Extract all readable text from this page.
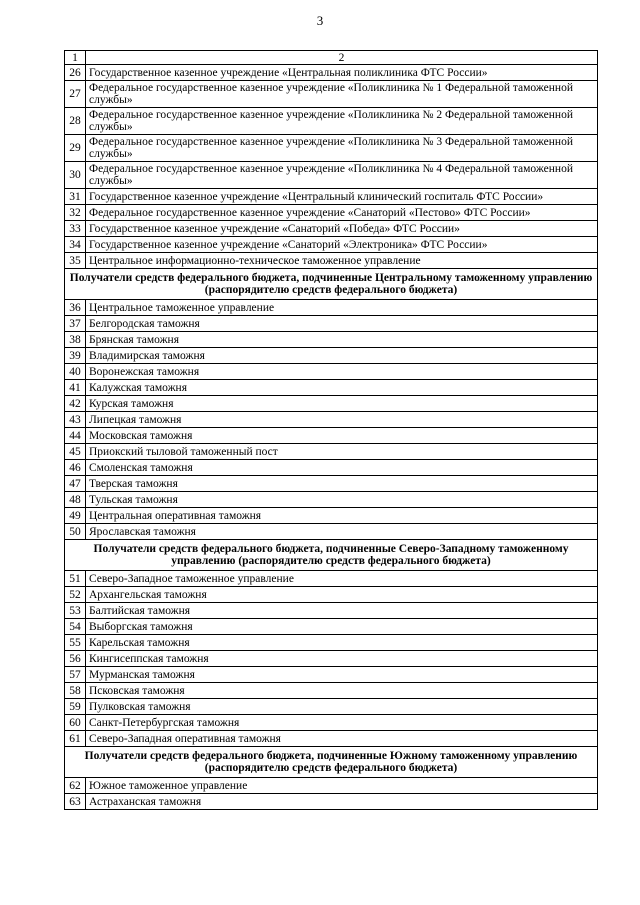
3
1	2
26	Государственное казенное учреждение «Центральная поликлиника ФТС России»
27	Федеральное государственное казенное учреждение «Поликлиника № 1 Федеральной таможенной службы»
28	Федеральное государственное казенное учреждение «Поликлиника № 2 Федеральной таможенной службы»
29	Федеральное государственное казенное учреждение «Поликлиника № 3 Федеральной таможенной службы»
30	Федеральное государственное казенное учреждение «Поликлиника № 4 Федеральной таможенной службы»
31	Государственное казенное учреждение «Центральный клинический госпиталь ФТС России»
32	Федеральное государственное казенное учреждение «Санаторий «Пестово» ФТС России»
33	Государственное казенное учреждение «Санаторий «Победа» ФТС России»
34	Государственное казенное учреждение «Санаторий «Электроника» ФТС России»
35	Центральное информационно-техническое таможенное управление
Получатели средств федерального бюджета, подчиненные Центральному таможенному управлению (распорядителю средств федерального бюджета)	
36	Центральное таможенное управление
37	Белгородская таможня
38	Брянская таможня
39	Владимирская таможня
40	Воронежская таможня
41	Калужская таможня
42	Курская таможня
43	Липецкая таможня
44	Московская таможня
45	Приокский тыловой таможенный пост
46	Смоленская таможня
47	Тверская таможня
48	Тульская таможня
49	Центральная оперативная таможня
50	Ярославская таможня
Получатели средств федерального бюджета, подчиненные Северо-Западному таможенному управлению (распорядителю средств федерального бюджета)	
51	Северо-Западное таможенное управление
52	Архангельская таможня
53	Балтийская таможня
54	Выборгская таможня
55	Карельская таможня
56	Кингисеппская таможня
57	Мурманская таможня
58	Псковская таможня
59	Пулковская таможня
60	Санкт-Петербургская таможня
61	Северо-Западная оперативная таможня
Получатели средств федерального бюджета, подчиненные Южному таможенному управлению (распорядителю средств федерального бюджета)	
62	Южное таможенное управление
63	Астраханская таможня
